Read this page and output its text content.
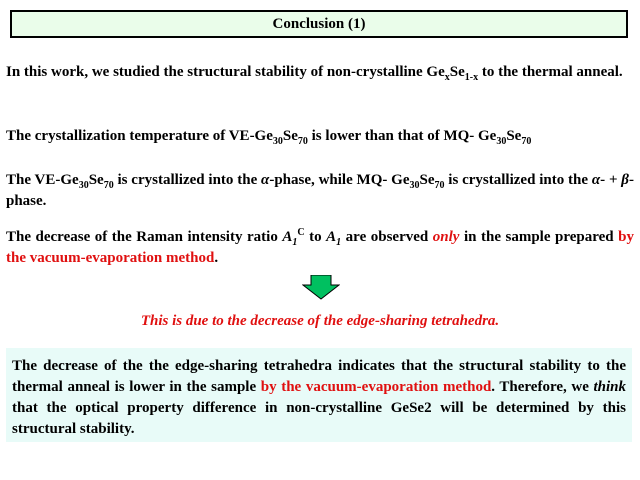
Conclusion (1)
In this work, we studied the structural stability of non-crystalline $Ge_xSe_{1-x}$ to the thermal anneal.
The crystallization temperature of $VE-Ge_{30}Se_{70}$ is lower than that of MQ- $Ge_{30}Se_{70}$
The $VE-Ge_{30}Se_{70}$ is crystallized into the α-phase, while MQ- $Ge_{30}Se_{70}$ is crystallized into the α- + β- phase.
The decrease of the Raman intensity ratio $A_1^C$ to $A_1$ are observed only in the sample prepared by the vacuum-evaporation method.
This is due to the decrease of the edge-sharing tetrahedra.
The decrease of the the edge-sharing tetrahedra indicates that the structural stability to the thermal anneal is lower in the sample by the vacuum-evaporation method. Therefore, we think that the optical property difference in non-crystalline GeSe2 will be determined by this structural stability.
